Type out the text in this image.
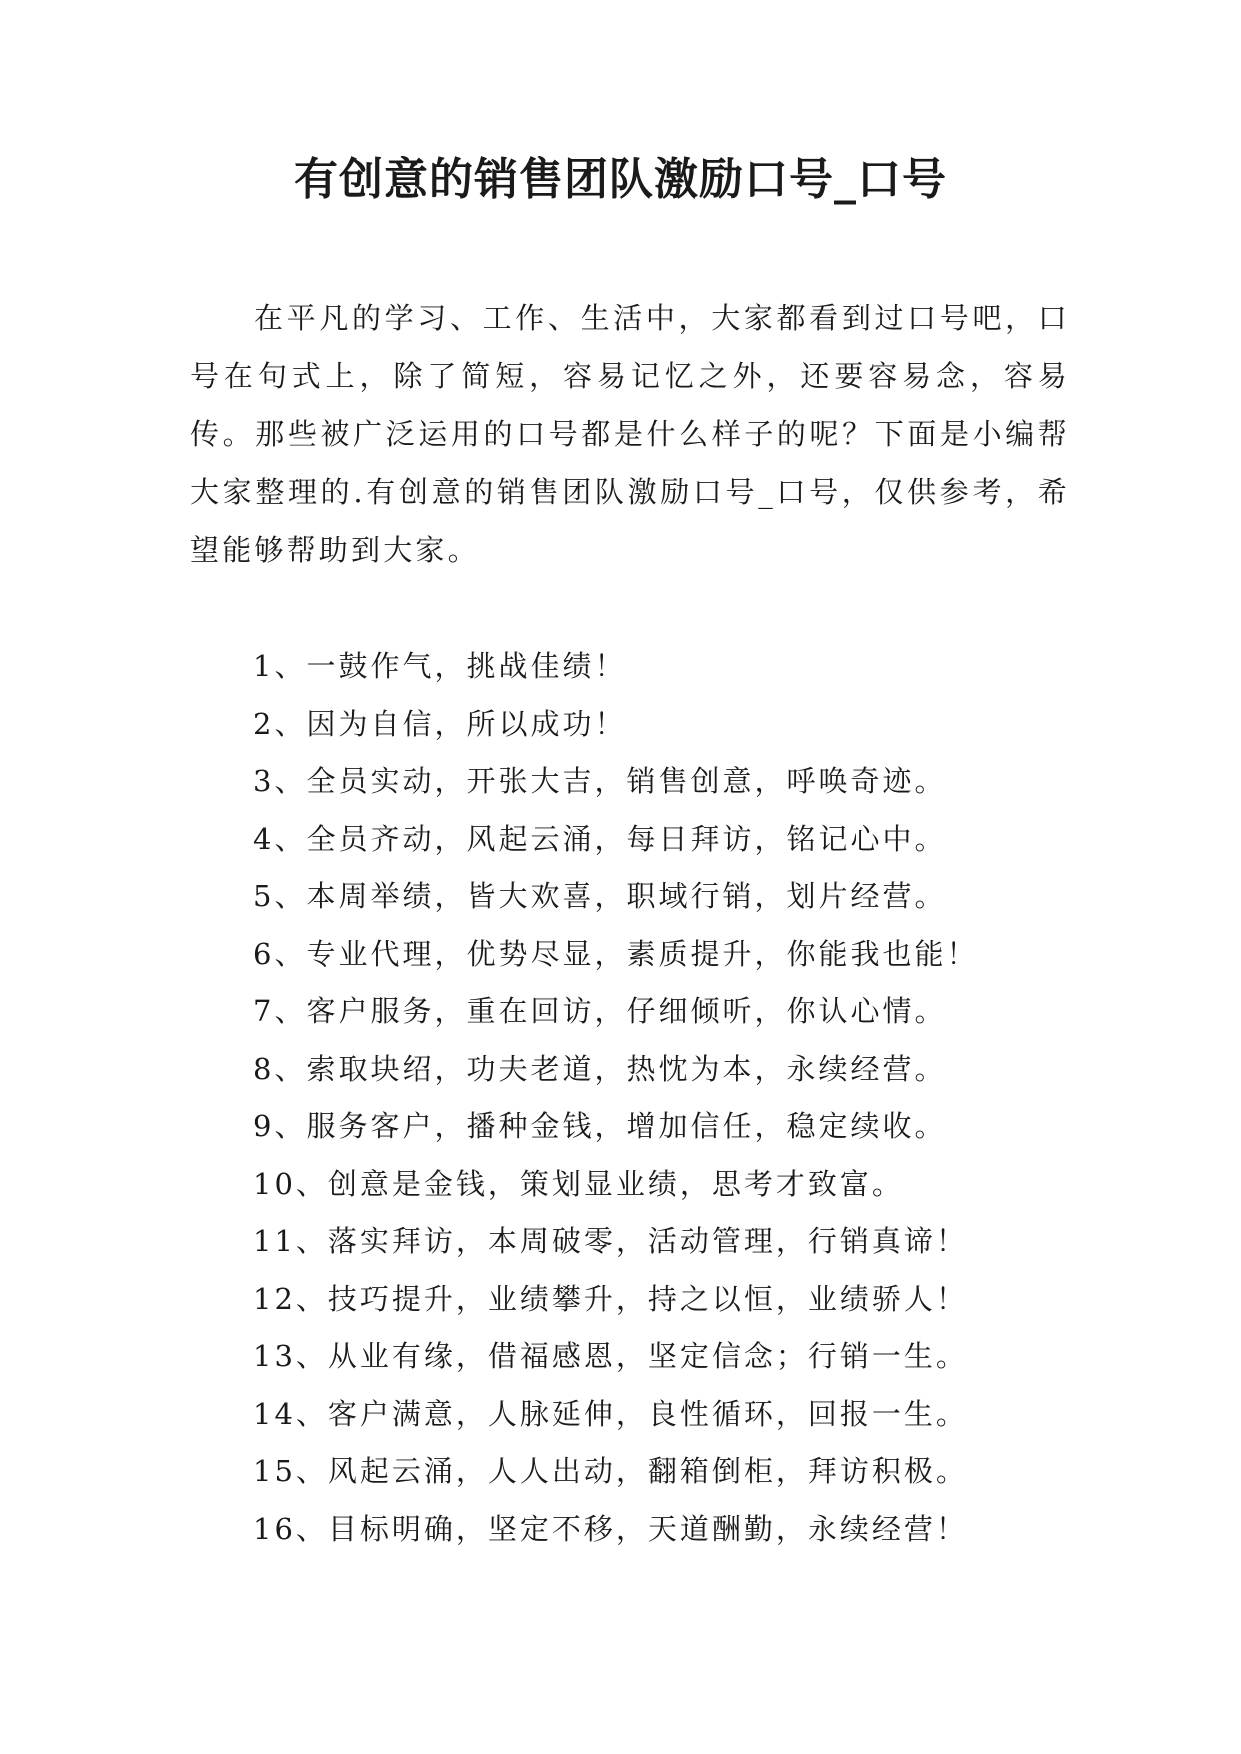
有创意的销售团队激励口号_口号

在平凡的学习、工作、生活中，大家都看到过口号吧，口号在句式上，除了简短，容易记忆之外，还要容易念，容易传。那些被广泛运用的口号都是什么样子的呢？下面是小编帮大家整理的.有创意的销售团队激励口号_口号，仅供参考，希望能够帮助到大家。

1、一鼓作气，挑战佳绩！
2、因为自信，所以成功！
3、全员实动，开张大吉，销售创意，呼唤奇迹。
4、全员齐动，风起云涌，每日拜访，铭记心中。
5、本周举绩，皆大欢喜，职域行销，划片经营。
6、专业代理，优势尽显，素质提升，你能我也能！
7、客户服务，重在回访，仔细倾听，你认心情。
8、索取块绍，功夫老道，热忱为本，永续经营。
9、服务客户，播种金钱，增加信任，稳定续收。
10、创意是金钱，策划显业绩，思考才致富。
11、落实拜访，本周破零，活动管理，行销真谛！
12、技巧提升，业绩攀升，持之以恒，业绩骄人！
13、从业有缘，借福感恩，坚定信念；行销一生。
14、客户满意，人脉延伸，良性循环，回报一生。
15、风起云涌，人人出动，翻箱倒柜，拜访积极。
16、目标明确，坚定不移，天道酬勤，永续经营！
